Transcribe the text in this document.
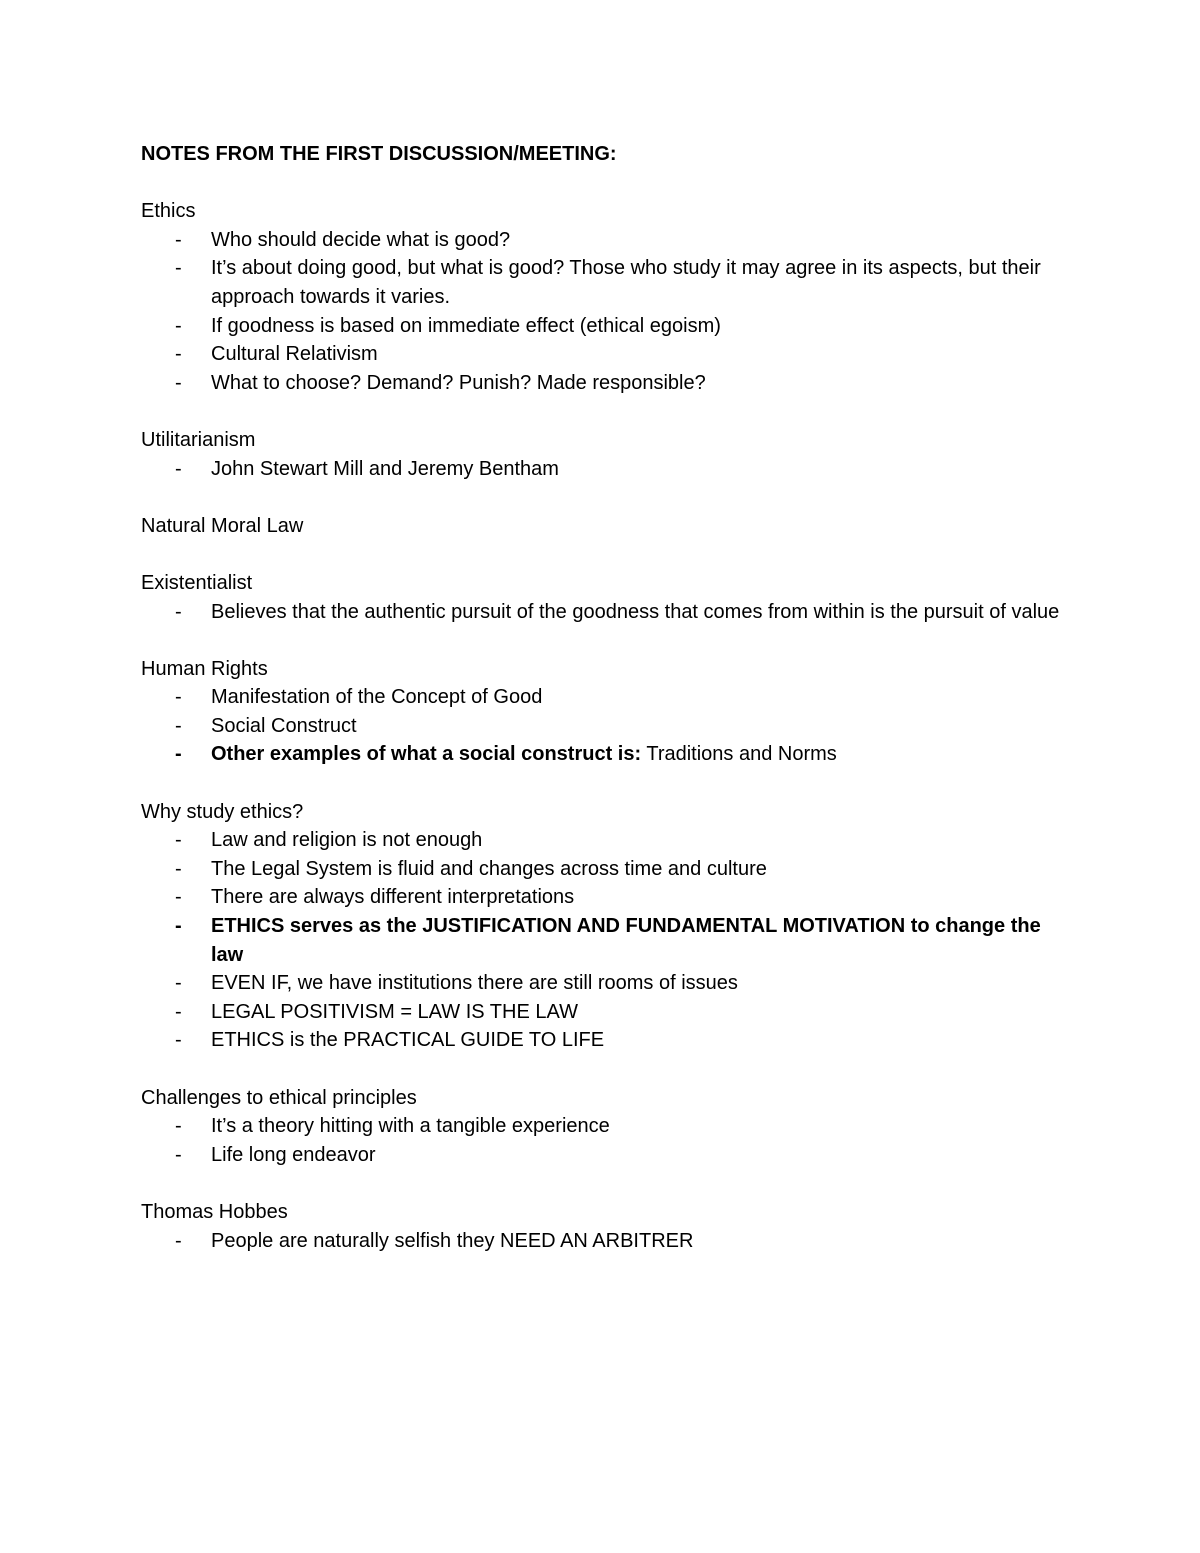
NOTES FROM THE FIRST DISCUSSION/MEETING:
Ethics
-	Who should decide what is good?
-	It’s about doing good, but what is good? Those who study it may agree in its aspects, but their approach towards it varies.
-	If goodness is based on immediate effect (ethical egoism)
-	Cultural Relativism
-	What to choose? Demand? Punish? Made responsible?
Utilitarianism
-	John Stewart Mill and Jeremy Bentham
Natural Moral Law
Existentialist
-	Believes that the authentic pursuit of the goodness that comes from within is the pursuit of value
Human Rights
-	Manifestation of the Concept of Good
-	Social Construct
-	Other examples of what a social construct is: Traditions and Norms
Why study ethics?
-	Law and religion is not enough
-	The Legal System is fluid and changes across time and culture
-	There are always different interpretations
-	ETHICS serves as the JUSTIFICATION AND FUNDAMENTAL MOTIVATION to change the law
-	EVEN IF, we have institutions there are still rooms of issues
-	LEGAL POSITIVISM = LAW IS THE LAW
-	ETHICS is the PRACTICAL GUIDE TO LIFE
Challenges to ethical principles
-	It’s a theory hitting with a tangible experience
-	Life long endeavor
Thomas Hobbes
-	People are naturally selfish they NEED AN ARBITRER
